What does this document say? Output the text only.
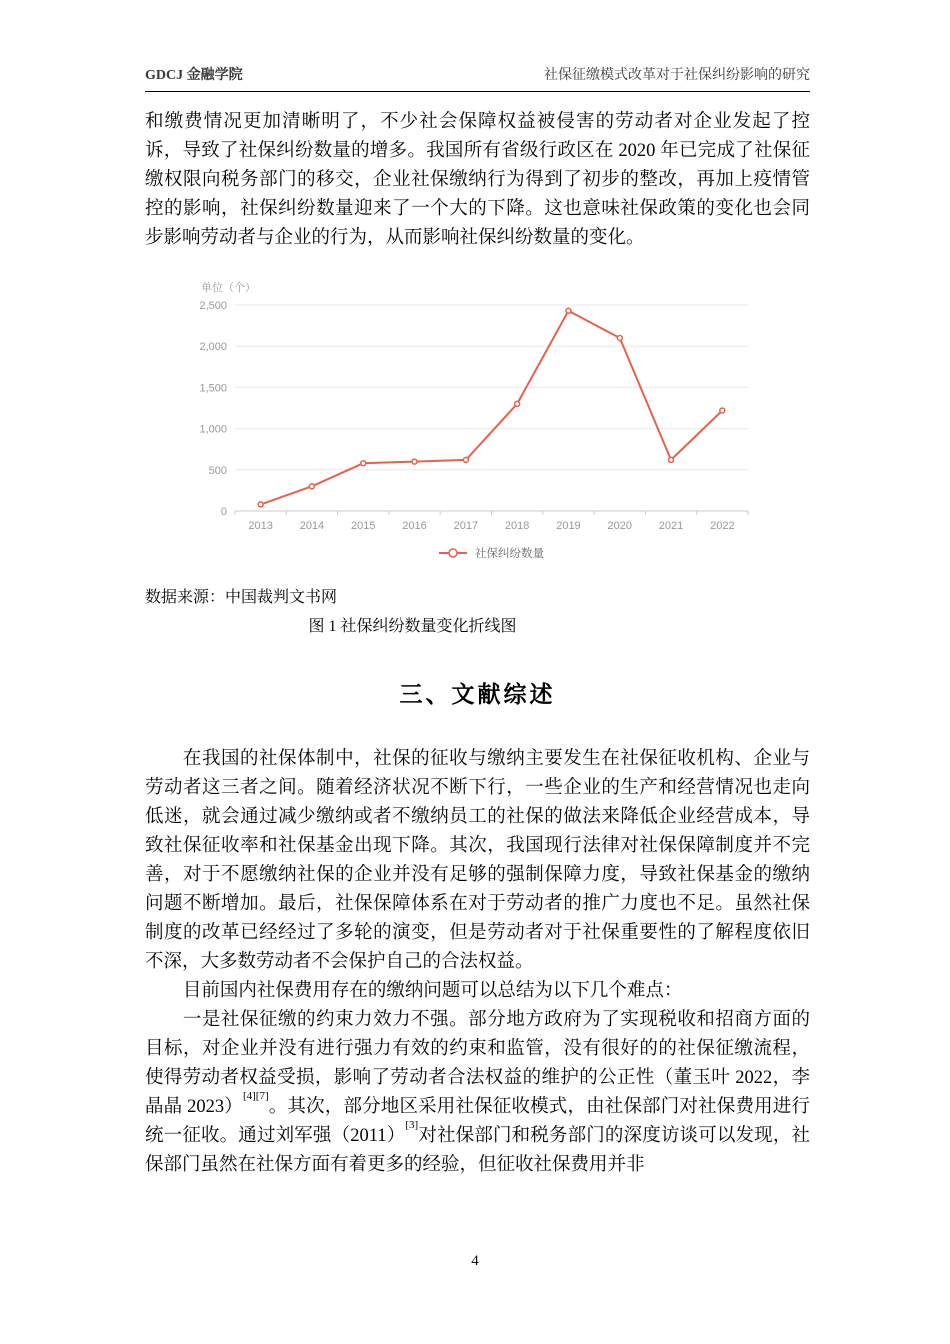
GDCJ 金融学院	社保征缴模式改革对于社保纠纷影响的研究

和缴费情况更加清晰明了，不少社会保障权益被侵害的劳动者对企业发起了控诉，导致了社保纠纷数量的增多。我国所有省级行政区在 2020 年已完成了社保征缴权限向税务部门的移交，企业社保缴纳行为得到了初步的整改，再加上疫情管控的影响，社保纠纷数量迎来了一个大的下降。这也意味社保政策的变化也会同步影响劳动者与企业的行为，从而影响社保纠纷数量的变化。

单位（个）
0
500
1,000
1,500
2,000
2,500
2013 2014 2015 2016 2017 2018 2019 2020 2021 2022
社保纠纷数量

数据来源：中国裁判文书网

图 1 社保纠纷数量变化折线图

三、文献综述

在我国的社保体制中，社保的征收与缴纳主要发生在社保征收机构、企业与劳动者这三者之间。随着经济状况不断下行，一些企业的生产和经营情况也走向低迷，就会通过减少缴纳或者不缴纳员工的社保的做法来降低企业经营成本，导致社保征收率和社保基金出现下降。其次，我国现行法律对社保保障制度并不完善，对于不愿缴纳社保的企业并没有足够的强制保障力度，导致社保基金的缴纳问题不断增加。最后，社保保障体系在对于劳动者的推广力度也不足。虽然社保制度的改革已经经过了多轮的演变，但是劳动者对于社保重要性的了解程度依旧不深，大多数劳动者不会保护自己的合法权益。

目前国内社保费用存在的缴纳问题可以总结为以下几个难点：

一是社保征缴的约束力效力不强。部分地方政府为了实现税收和招商方面的目标，对企业并没有进行强力有效的约束和监管，没有很好的的社保征缴流程，使得劳动者权益受损，影响了劳动者合法权益的维护的公正性（董玉叶 2022，李晶晶 2023）[4][7]。其次，部分地区采用社保征收模式，由社保部门对社保费用进行统一征收。通过刘军强（2011）[3]对社保部门和税务部门的深度访谈可以发现，社保部门虽然在社保方面有着更多的经验，但征收社保费用并非

4
